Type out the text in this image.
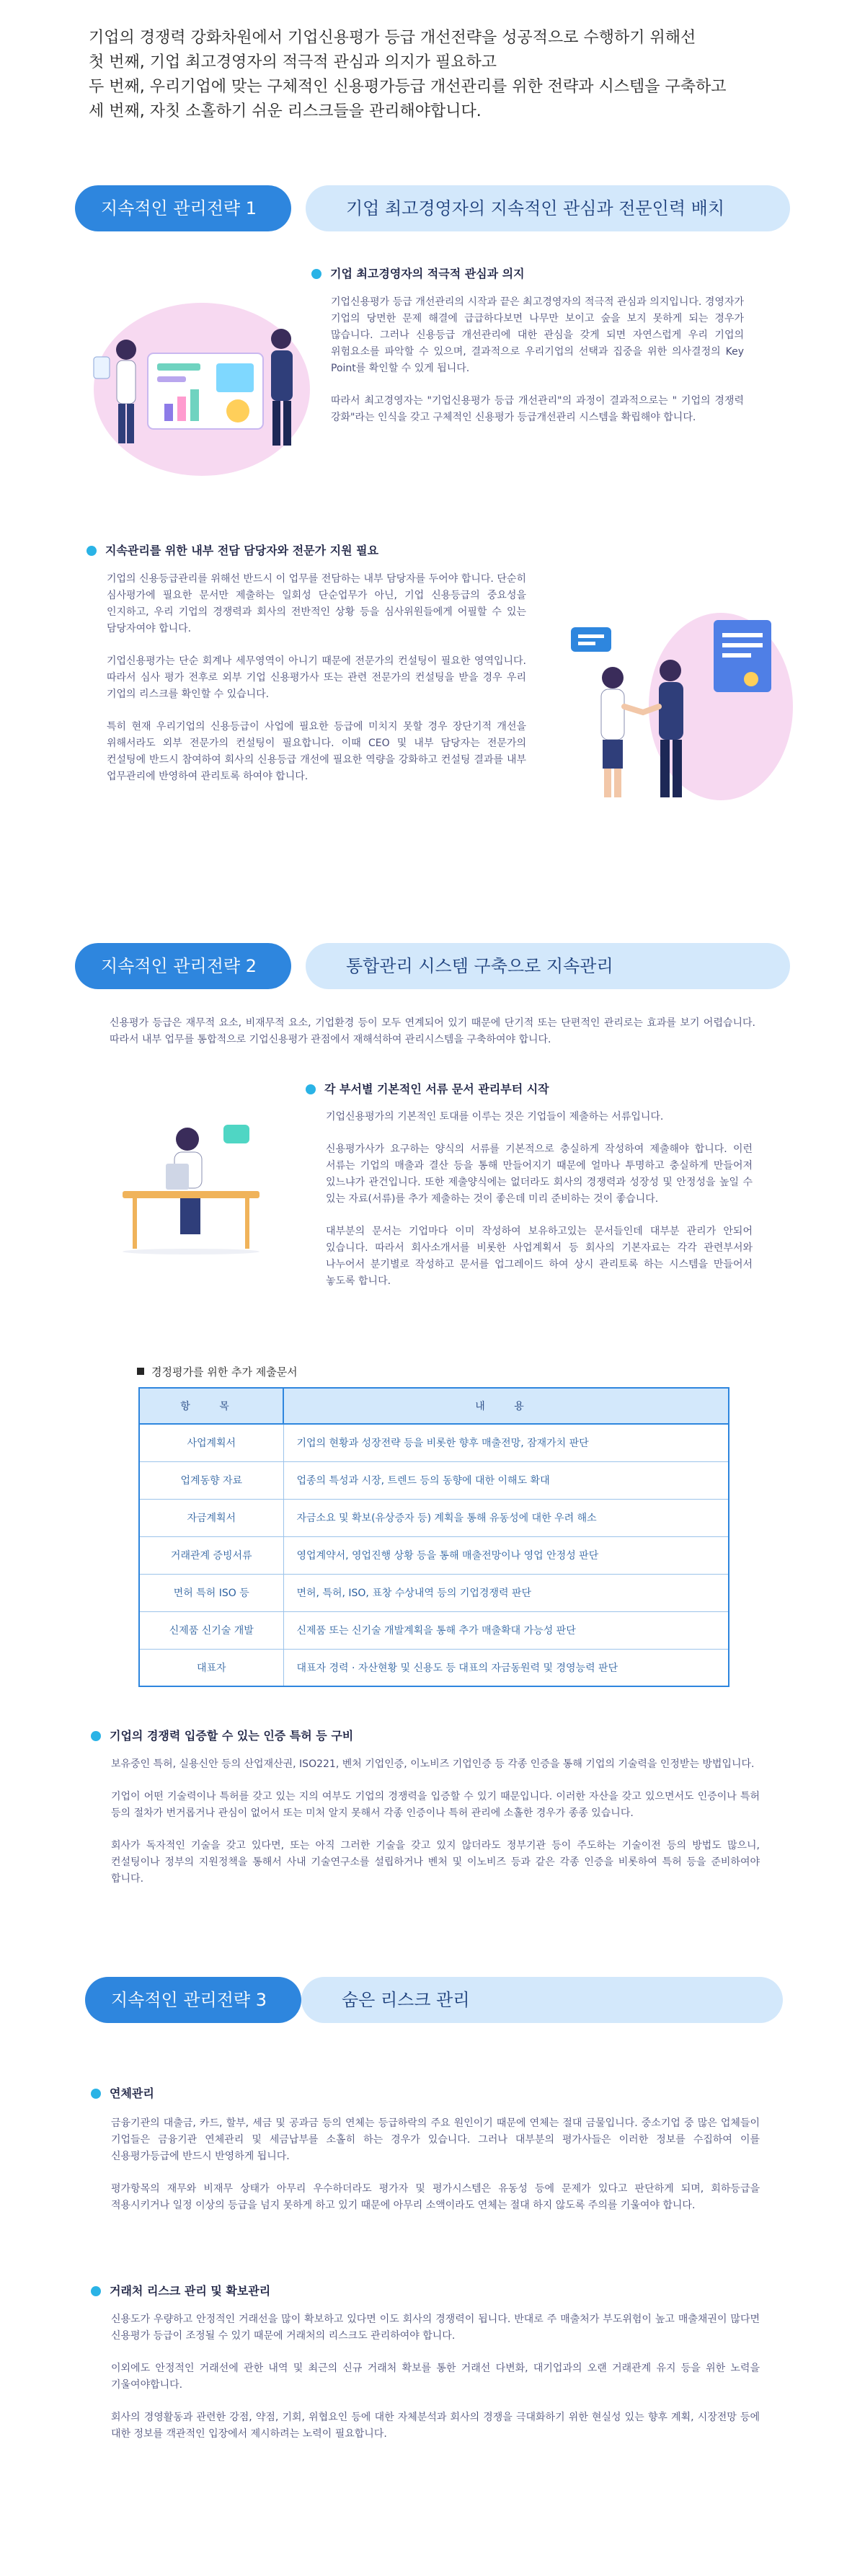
기업의 경쟁력 강화차원에서 기업신용평가 등급 개선전략을 성공적으로 수행하기 위해선

첫 번째, 기업 최고경영자의 적극적 관심과 의지가 필요하고

두 번째, 우리기업에 맞는 구체적인 신용평가등급 개선관리를 위한 전략과 시스템을 구축하고

세 번째, 자칫 소홀하기 쉬운 리스크들을 관리해야합니다.

기업 최고경영자의 지속적인 관심과 전문인력 배치
지속적인 관리전략 1
기업 최고경영자의 적극적 관심과 의지

기업신용평가 등급 개선관리의 시작과 끝은 최고경영자의 적극적 관심과 의지입니다. 경영자가 기업의 당면한 문제 해결에 급급하다보면 나무만 보이고 숲을 보지 못하게 되는 경우가 많습니다. 그러나 신용등급 개선관리에 대한 관심을 갖게 되면 자연스럽게 우리 기업의 위험요소를 파악할 수 있으며, 결과적으로 우리기업의 선택과 집중을 위한 의사결정의 Key Point를 확인할 수 있게 됩니다.

따라서 최고경영자는 "기업신용평가 등급 개선관리"의 과정이 결과적으로는 " 기업의 경쟁력 강화"라는 인식을 갖고 구체적인 신용평가 등급개선관리 시스템을 확립해야 합니다.

지속관리를 위한 내부 전담 담당자와 전문가 지원 필요

기업의 신용등급관리를 위해선 반드시 이 업무를 전담하는 내부 담당자를 두어야 합니다. 단순히 심사평가에 필요한 문서만 제출하는 일회성 단순업무가 아닌, 기업 신용등급의 중요성을 인지하고, 우리 기업의 경쟁력과 회사의 전반적인 상황 등을 심사위원들에게 어필할 수 있는 담당자여야 합니다.

기업신용평가는 단순 회계나 세무영역이 아니기 때문에 전문가의 컨설팅이 필요한 영역입니다. 따라서 심사 평가 전후로 외부 기업 신용평가사 또는 관련 전문가의 컨설팅을 받을 경우 우리 기업의 리스크를 확인할 수 있습니다.

특히 현재 우리기업의 신용등급이 사업에 필요한 등급에 미치지 못할 경우 장단기적 개선을 위해서라도 외부 전문가의 컨설팅이 필요합니다. 이때 CEO 및 내부 담당자는 전문가의 컨설팅에 반드시 참여하여 회사의 신용등급 개선에 필요한 역량을 강화하고 컨설팅 결과를 내부 업무관리에 반영하여 관리토록 하여야 합니다.

통합관리 시스템 구축으로 지속관리
지속적인 관리전략 2
신용평가 등급은 재무적 요소, 비재무적 요소, 기업환경 등이 모두 연계되어 있기 때문에 단기적 또는 단편적인 관리로는 효과를 보기 어렵습니다. 따라서 내부 업무를 통합적으로 기업신용평가 관점에서 재해석하여 관리시스템을 구축하여야 합니다.
각 부서별 기본적인 서류 문서 관리부터 시작

기업신용평가의 기본적인 토대를 이루는 것은 기업들이 제출하는 서류입니다.

신용평가사가 요구하는 양식의 서류를 기본적으로 충실하게 작성하여 제출해야 합니다. 이런 서류는 기업의 매출과 결산 등을 통해 만들어지기 때문에 얼마나 투명하고 충실하게 만들어져 있느냐가 관건입니다. 또한 제출양식에는 없더라도 회사의 경쟁력과 성장성 및 안정성을 높일 수 있는 자료(서류)를 추가 제출하는 것이 좋은데 미리 준비하는 것이 좋습니다.

대부분의 문서는 기업마다 이미 작성하여 보유하고있는 문서들인데 대부분 관리가 안되어 있습니다. 따라서 회사소개서를 비롯한 사업계획서 등 회사의 기본자료는 각각 관련부서와 나누어서 분기별로 작성하고 문서를 업그레이드 하여 상시 관리토록 하는 시스템을 만들어서 놓도록 합니다.

경정평가를 위한 추가 제출문서
항 목	내 용
사업계획서	기업의 현황과 성장전략 등을 비롯한 향후 매출전망, 잠재가치 판단
업계동향 자료	업종의 특성과 시장, 트렌드 등의 동향에 대한 이해도 확대
자금계획서	자금소요 및 확보(유상증자 등) 계획을 통해 유동성에 대한 우려 해소
거래관계 증빙서류	영업계약서, 영업진행 상황 등을 통해 매출전망이나 영업 안정성 판단
면허 특허 ISO 등	면허, 특허, ISO, 표창 수상내역 등의 기업경쟁력 판단
신제품 신기술 개발	신제품 또는 신기술 개발계획을 통해 추가 매출확대 가능성 판단
대표자	대표자 경력 · 자산현황 및 신용도 등 대표의 자금동원력 및 경영능력 판단
기업의 경쟁력 입증할 수 있는 인증 특허 등 구비

보유중인 특허, 실용신안 등의 산업재산권, ISO221, 벤처 기업인증, 이노비즈 기업인증 등 각종 인증을 통해 기업의 기술력을 인정받는 방법입니다.

기업이 어떤 기술력이나 특허를 갖고 있는 지의 여부도 기업의 경쟁력을 입증할 수 있기 때문입니다. 이러한 자산을 갖고 있으면서도 인증이나 특허 등의 절차가 번거롭거나 관심이 없어서 또는 미처 알지 못해서 각종 인증이나 특허 관리에 소홀한 경우가 종종 있습니다.

회사가 독자적인 기술을 갖고 있다면, 또는 아직 그러한 기술을 갖고 있지 않더라도 정부기관 등이 주도하는 기술이전 등의 방법도 많으니, 컨설팅이나 정부의 지원정책을 통해서 사내 기술연구소를 설립하거나 벤처 및 이노비즈 등과 같은 각종 인증을 비롯하여 특허 등을 준비하여야 합니다.

숨은 리스크 관리
지속적인 관리전략 3
연체관리

금융기관의 대출금, 카드, 할부, 세금 및 공과금 등의 연체는 등급하락의 주요 원인이기 때문에 연체는 절대 금물입니다. 중소기업 중 많은 업체들이 기업들은 금융기관 연체관리 및 세금납부를 소홀히 하는 경우가 있습니다. 그러나 대부분의 평가사들은 이러한 정보를 수집하여 이를 신용평가등급에 반드시 반영하게 됩니다.

평가항목의 재무와 비재무 상태가 아무리 우수하더라도 평가자 및 평가시스템은 유동성 등에 문제가 있다고 판단하게 되며, 회하등급을 적용시키거나 일정 이상의 등급을 넘지 못하게 하고 있기 때문에 아무리 소액이라도 연체는 절대 하지 않도록 주의를 기울여야 합니다.

거래처 리스크 관리 및 확보관리

신용도가 우량하고 안정적인 거래선을 많이 확보하고 있다면 이도 회사의 경쟁력이 됩니다. 반대로 주 매출처가 부도위험이 높고 매출채권이 많다면 신용평가 등급이 조정될 수 있기 때문에 거래처의 리스크도 관리하여야 합니다.

이외에도 안정적인 거래선에 관한 내역 및 최근의 신규 거래처 확보를 통한 거래선 다변화, 대기업과의 오랜 거래관계 유지 등을 위한 노력을 기울여야합니다.

회사의 경영활동과 관련한 강점, 약점, 기회, 위협요인 등에 대한 자체분석과 회사의 경쟁을 극대화하기 위한 현실성 있는 향후 계획, 시장전망 등에 대한 정보를 객관적인 입장에서 제시하려는 노력이 필요합니다.
